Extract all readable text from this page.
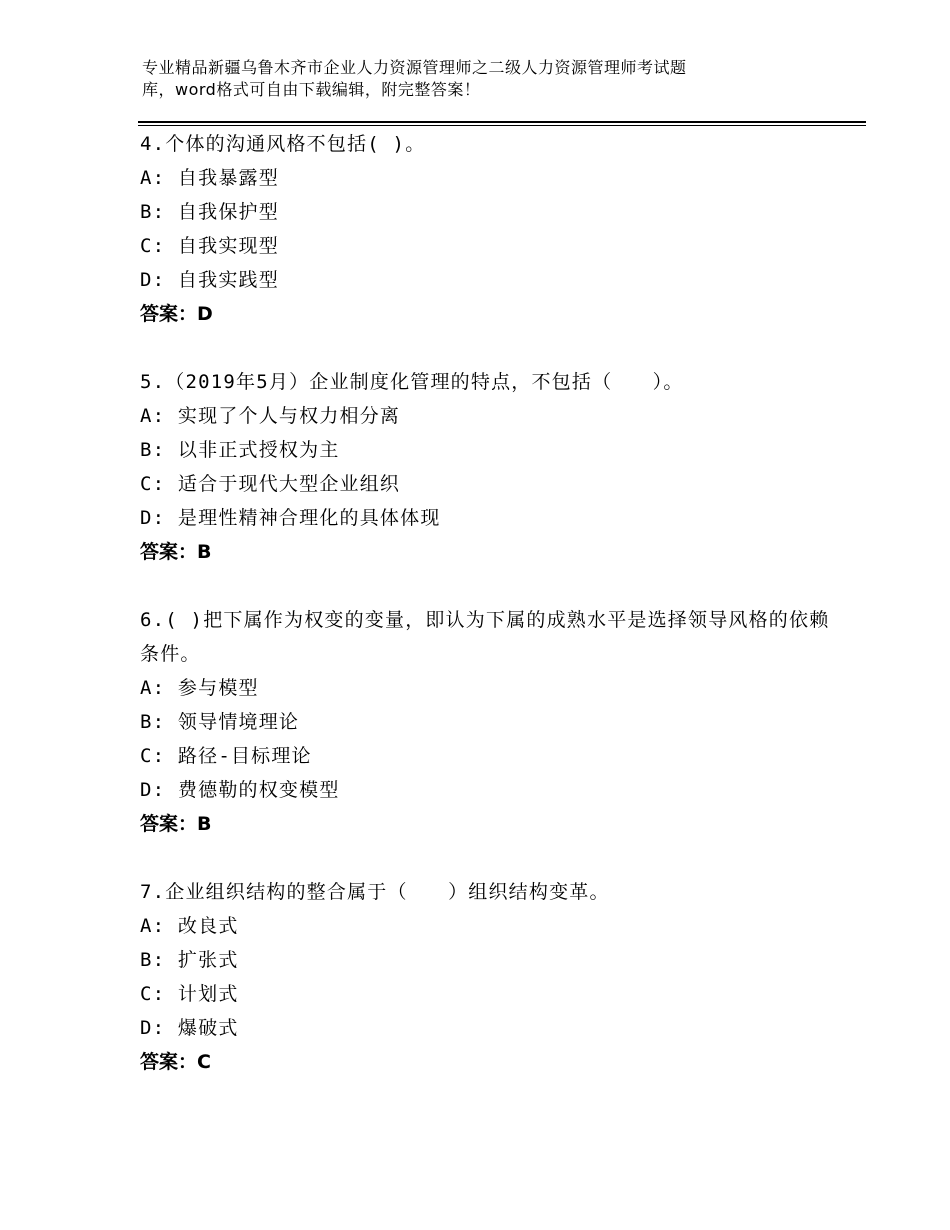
专业精品新疆乌鲁木齐市企业人力资源管理师之二级人力资源管理师考试题
库，word格式可自由下载编辑，附完整答案！

4.个体的沟通风格不包括( )。

A: 自我暴露型

B: 自我保护型

C: 自我实现型

D: 自我实践型

答案：D

5.（2019年5月）企业制度化管理的特点，不包括（　　）。

A: 实现了个人与权力相分离

B: 以非正式授权为主

C: 适合于现代大型企业组织

D: 是理性精神合理化的具体体现

答案：B

6.( )把下属作为权变的变量，即认为下属的成熟水平是选择领导风格的依赖条件。

A: 参与模型

B: 领导情境理论

C: 路径-目标理论

D: 费德勒的权变模型

答案：B

7.企业组织结构的整合属于（　　）组织结构变革。

A: 改良式

B: 扩张式

C: 计划式

D: 爆破式

答案：C
